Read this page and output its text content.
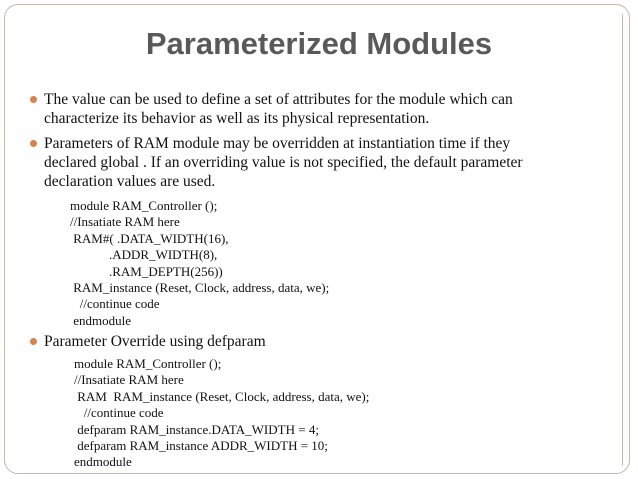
Parameterized Modules
The value can be used to define a set of attributes for the module which can
characterize its behavior as well as its physical representation.
Parameters of RAM module may be overridden at instantiation time if they
declared global . If an overriding value is not specified, the default parameter
declaration values are used.
module RAM_Controller ();
//Insatiate RAM here
RAM#( .DATA_WIDTH(16),
.ADDR_WIDTH(8),
.RAM_DEPTH(256))
RAM_instance (Reset, Clock, address, data, we);
//continue code
endmodule
Parameter Override using defparam
module RAM_Controller ();
//Insatiate RAM here
RAM  RAM_instance (Reset, Clock, address, data, we);
//continue code
defparam RAM_instance.DATA_WIDTH = 4;
defparam RAM_instance ADDR_WIDTH = 10;
endmodule
